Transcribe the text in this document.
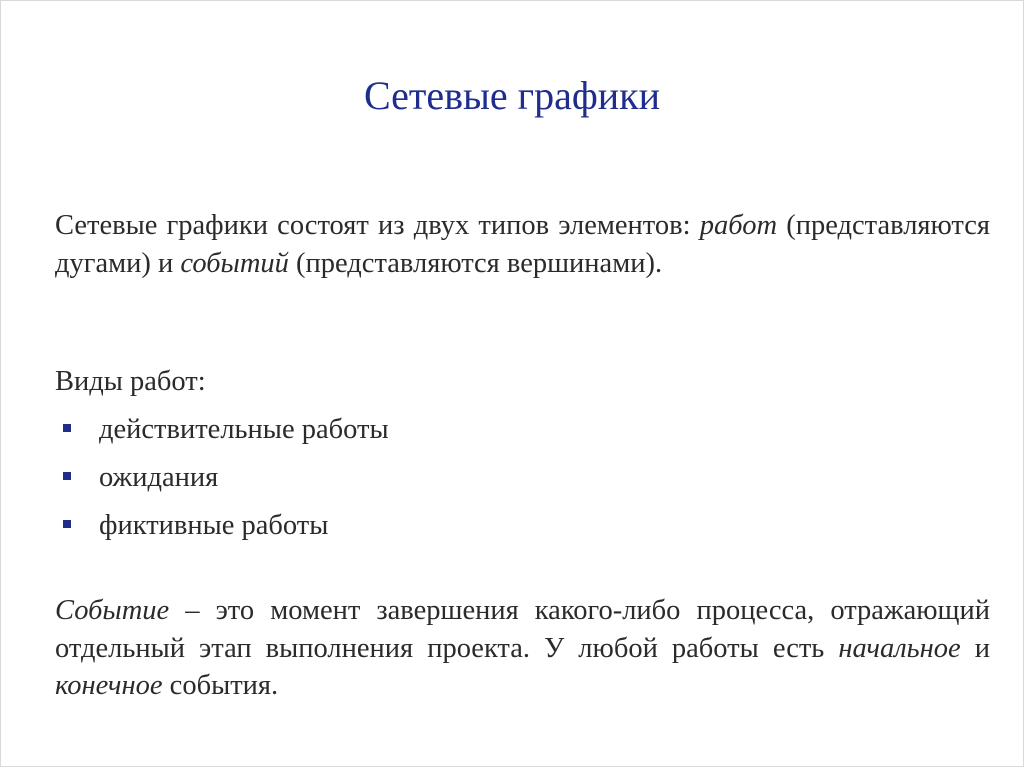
Сетевые графики
Сетевые графики состоят из двух типов элементов: работ (представляются дугами) и событий (представляются вершинами).
Виды работ:
действительные работы
ожидания
фиктивные работы
Событие – это момент завершения какого-либо процесса, отражающий отдельный этап выполнения проекта. У любой работы есть начальное и конечное события.
